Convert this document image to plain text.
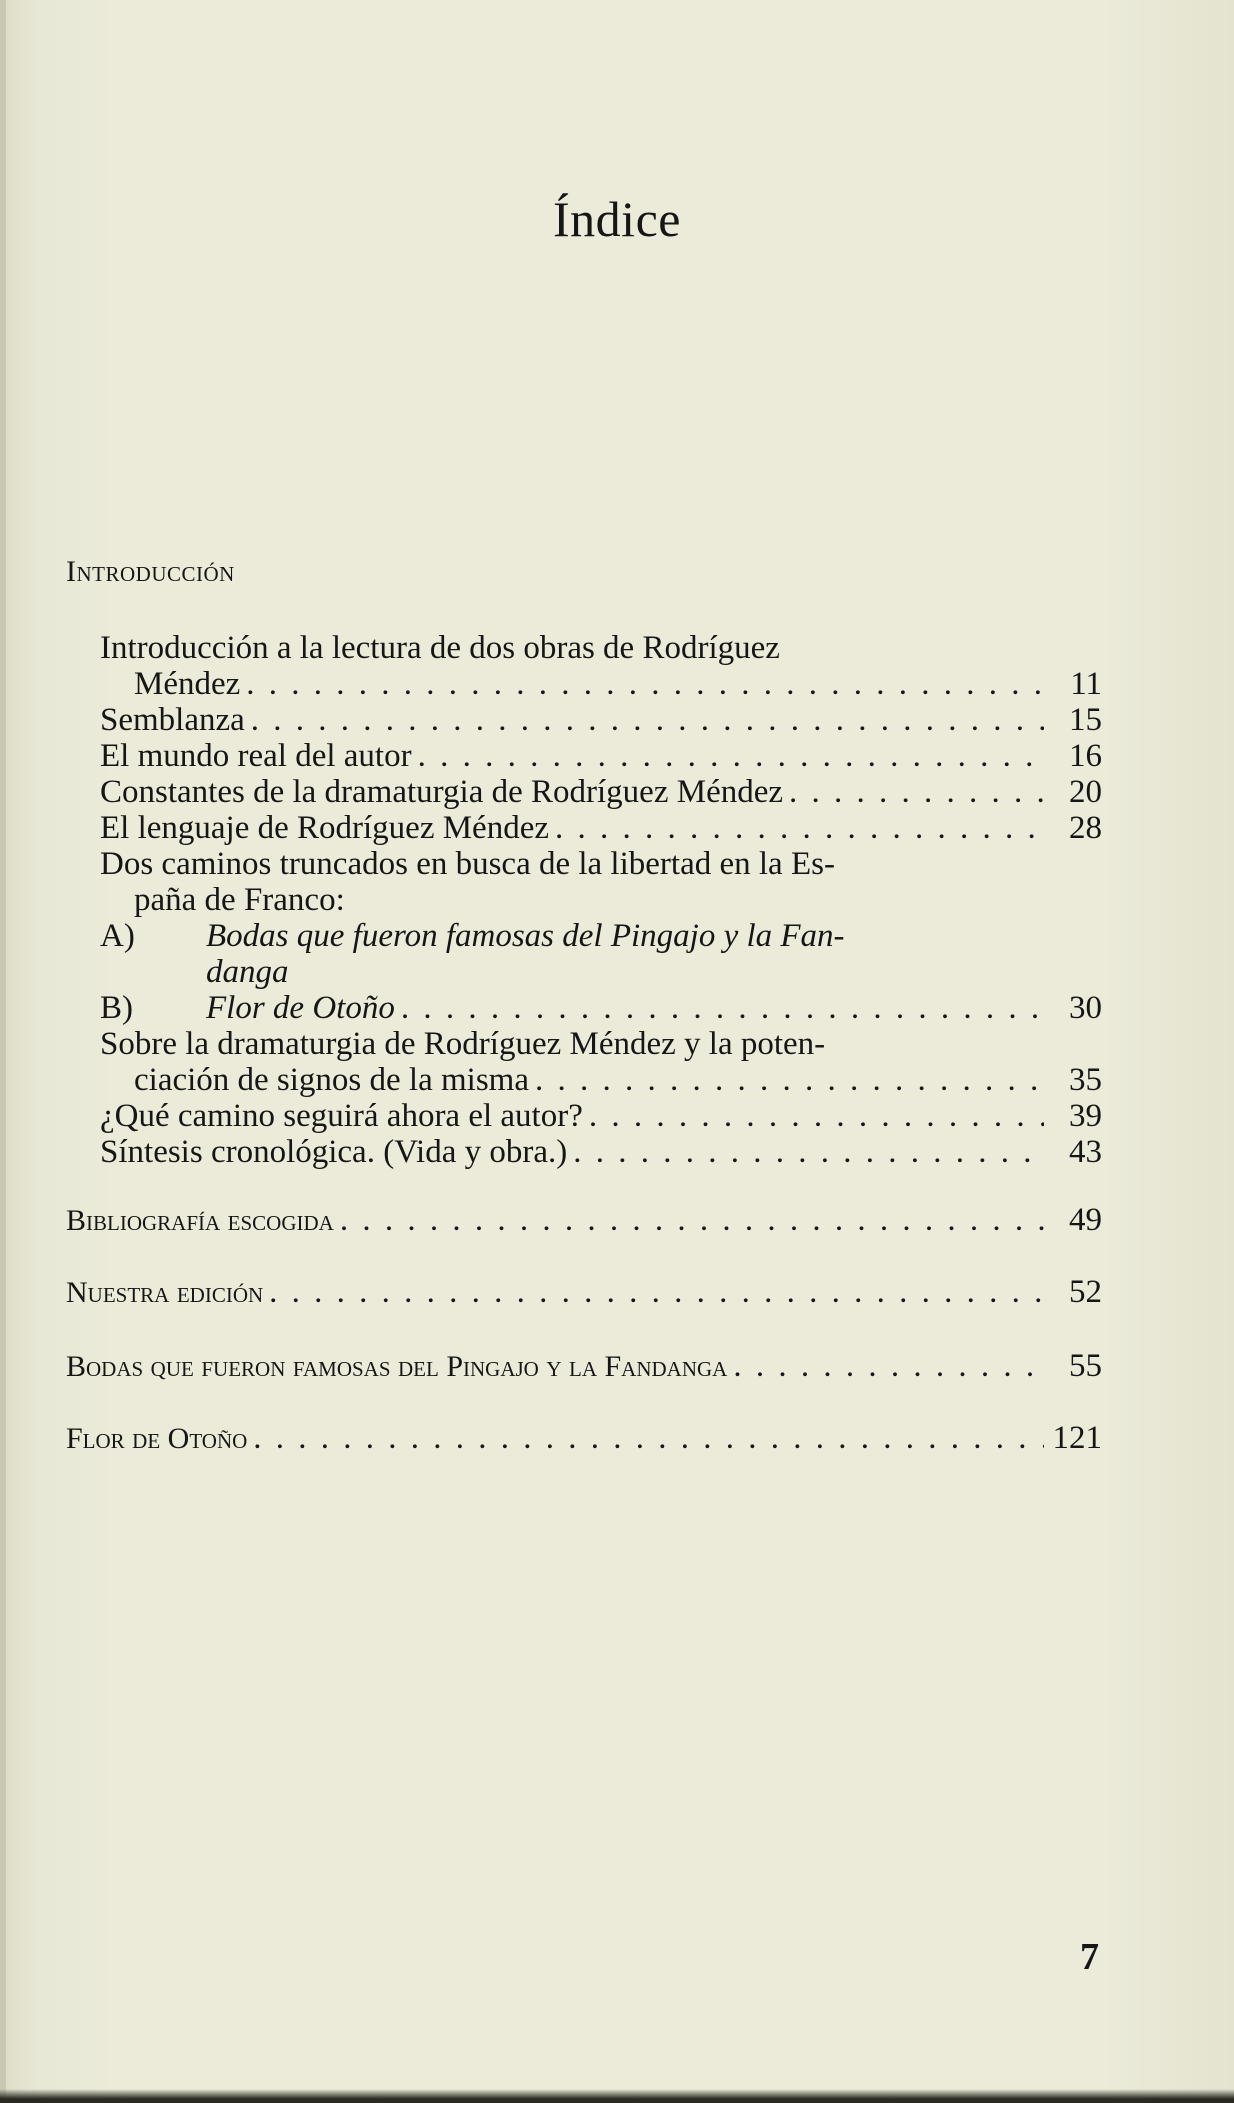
Índice
Introducción
Introducción a la lectura de dos obras de Rodríguez
Méndez . . .	11
Semblanza . . .	15
El mundo real del autor . . .	16
Constantes de la dramaturgia de Rodríguez Méndez . . .	20
El lenguaje de Rodríguez Méndez . . .	28
Dos caminos truncados en busca de la libertad en la Es-
paña de Franco:
A) Bodas que fueron famosas del Pingajo y la Fan-
danga
B) Flor de Otoño . . .	30
Sobre la dramaturgia de Rodríguez Méndez y la poten-
ciación de signos de la misma . . .	35
¿Qué camino seguirá ahora el autor? . . .	39
Síntesis cronológica. (Vida y obra.) . . .	43
Bibliografía escogida . . .	49
Nuestra edición . . .	52
Bodas que fueron famosas del Pingajo y la Fandanga . . .	55
Flor de Otoño . . .	121
7
